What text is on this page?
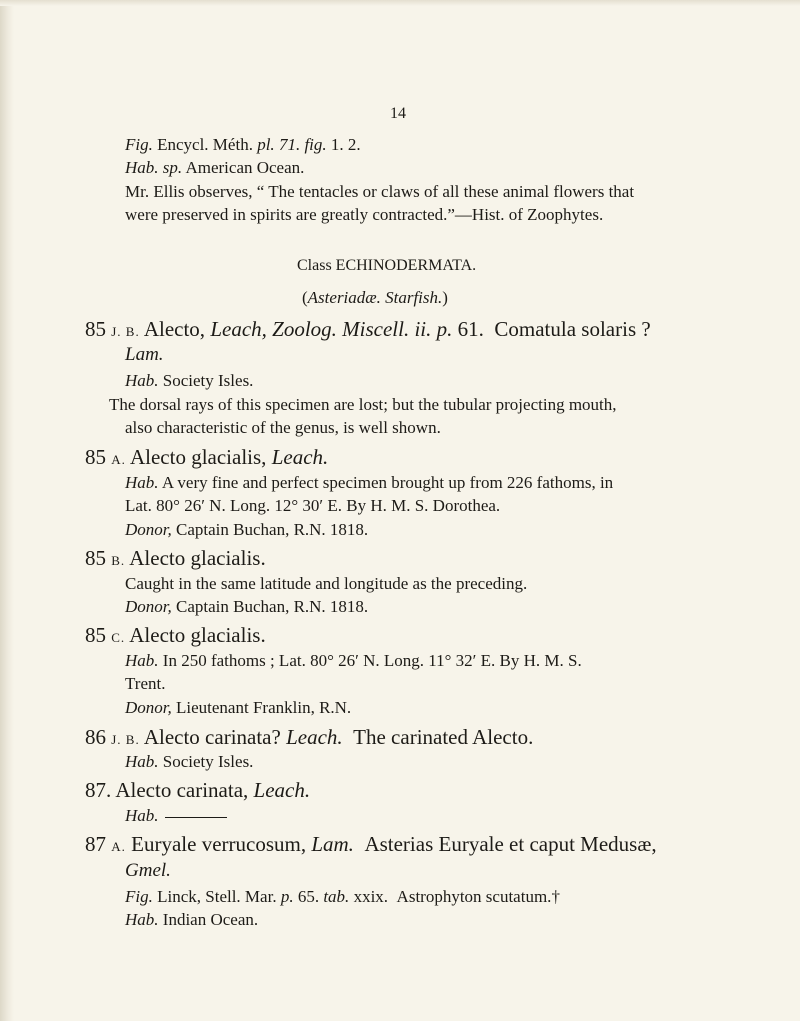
14
Fig. Encycl. Méth. pl. 71. fig. 1. 2.
Hab. sp. American Ocean.
Mr. Ellis observes, “ The tentacles or claws of all these animal flowers that
were preserved in spirits are greatly contracted.”—Hist. of Zoophytes.
Class ECHINODERMATA.
(Asteriadæ. Starfish.)
85 J. B. Alecto, Leach, Zoolog. Miscell. ii. p. 61. Comatula solaris ?
Lam.
Hab. Society Isles.
The dorsal rays of this specimen are lost; but the tubular projecting mouth,
also characteristic of the genus, is well shown.
85 A. Alecto glacialis, Leach.
Hab. A very fine and perfect specimen brought up from 226 fathoms, in
Lat. 80° 26′ N. Long. 12° 30′ E. By H. M. S. Dorothea.
Donor, Captain Buchan, R.N. 1818.
85 B. Alecto glacialis.
Caught in the same latitude and longitude as the preceding.
Donor, Captain Buchan, R.N. 1818.
85 C. Alecto glacialis.
Hab. In 250 fathoms ; Lat. 80° 26′ N. Long. 11° 32′ E. By H. M. S.
Trent.
Donor, Lieutenant Franklin, R.N.
86 J. B. Alecto carinata? Leach. The carinated Alecto.
Hab. Society Isles.
87. Alecto carinata, Leach.
Hab.
87 A. Euryale verrucosum, Lam. Asterias Euryale et caput Medusæ,
Gmel.
Fig. Linck, Stell. Mar. p. 65. tab. xxix. Astrophyton scutatum.†
Hab. Indian Ocean.
